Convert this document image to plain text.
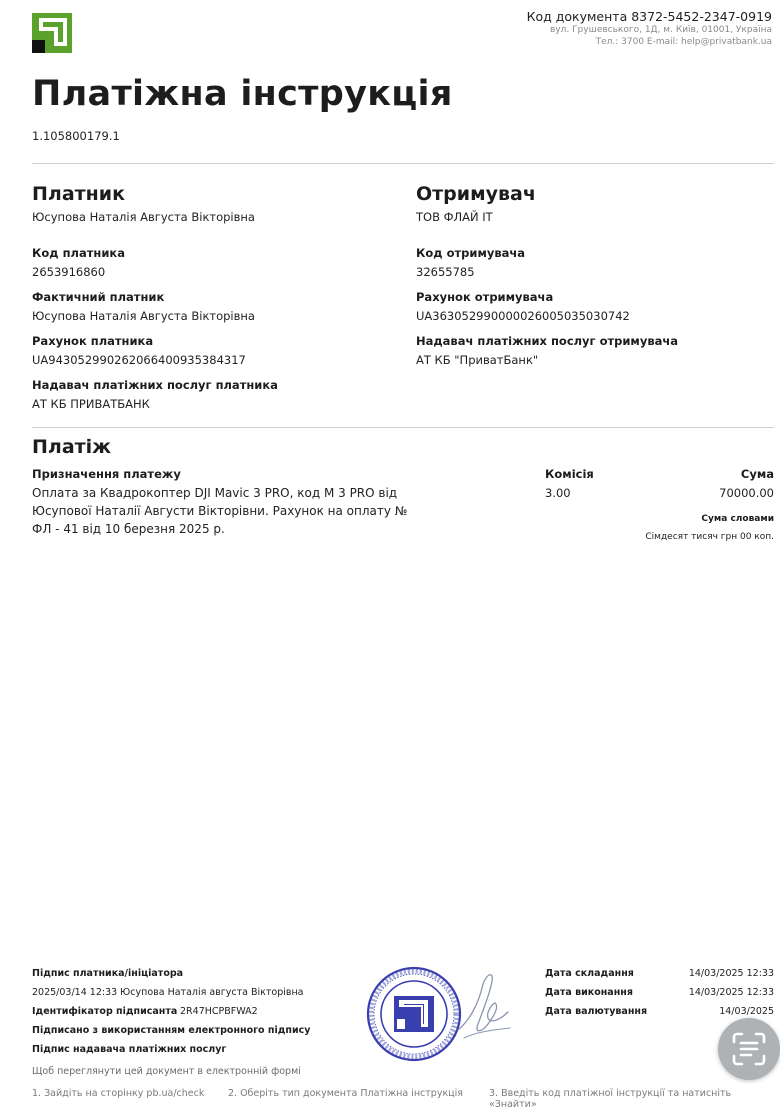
Код документа 8372-5452-2347-0919
вул. Грушевського, 1Д, м. Київ, 01001, Україна
Тел.: 3700 E-mail: help@privatbank.ua
Платіжна інструкція
1.105800179.1
Платник
Юсупова Наталія Августа Вікторівна
Код платника
2653916860
Фактичний платник
Юсупова Наталія Августа Вікторівна
Рахунок платника
UA943052990262066400935384317
Надавач платіжних послуг платника
АТ КБ ПРИВАТБАНК
Отримувач
ТОВ ФЛАЙ ІТ
Код отримувача
32655785
Рахунок отримувача
UA363052990000026005035030742
Надавач платіжних послуг отримувача
АТ КБ "ПриватБанк"
Платіж
Призначення платежу
Оплата за Квадрокоптер DJI Mavic 3 PRO, код М 3 PRO від Юсупової Наталії Августи Вікторівни. Рахунок на оплату № ФЛ - 41 від 10 березня 2025 р.
Комісія
3.00
Сума
70000.00
Сума словами
Сімдесят тисяч грн 00 коп.
Підпис платника/ініціатора
2025/03/14 12:33 Юсупова Наталія августа Вікторівна
Ідентифікатор підписанта 2R47HCPBFWA2
Підписано з використанням електронного підпису
Підпис надавача платіжних послуг
Щоб переглянути цей документ в електронній формі
1. Зайдіть на сторінку pb.ua/check 2. Оберіть тип документа Платіжна інструкція	3. Введіть код платіжної інструкції та натисніть «Знайти»
Дата складання	14/03/2025 12:33
Дата виконання	14/03/2025 12:33
Дата валютування	14/03/2025
